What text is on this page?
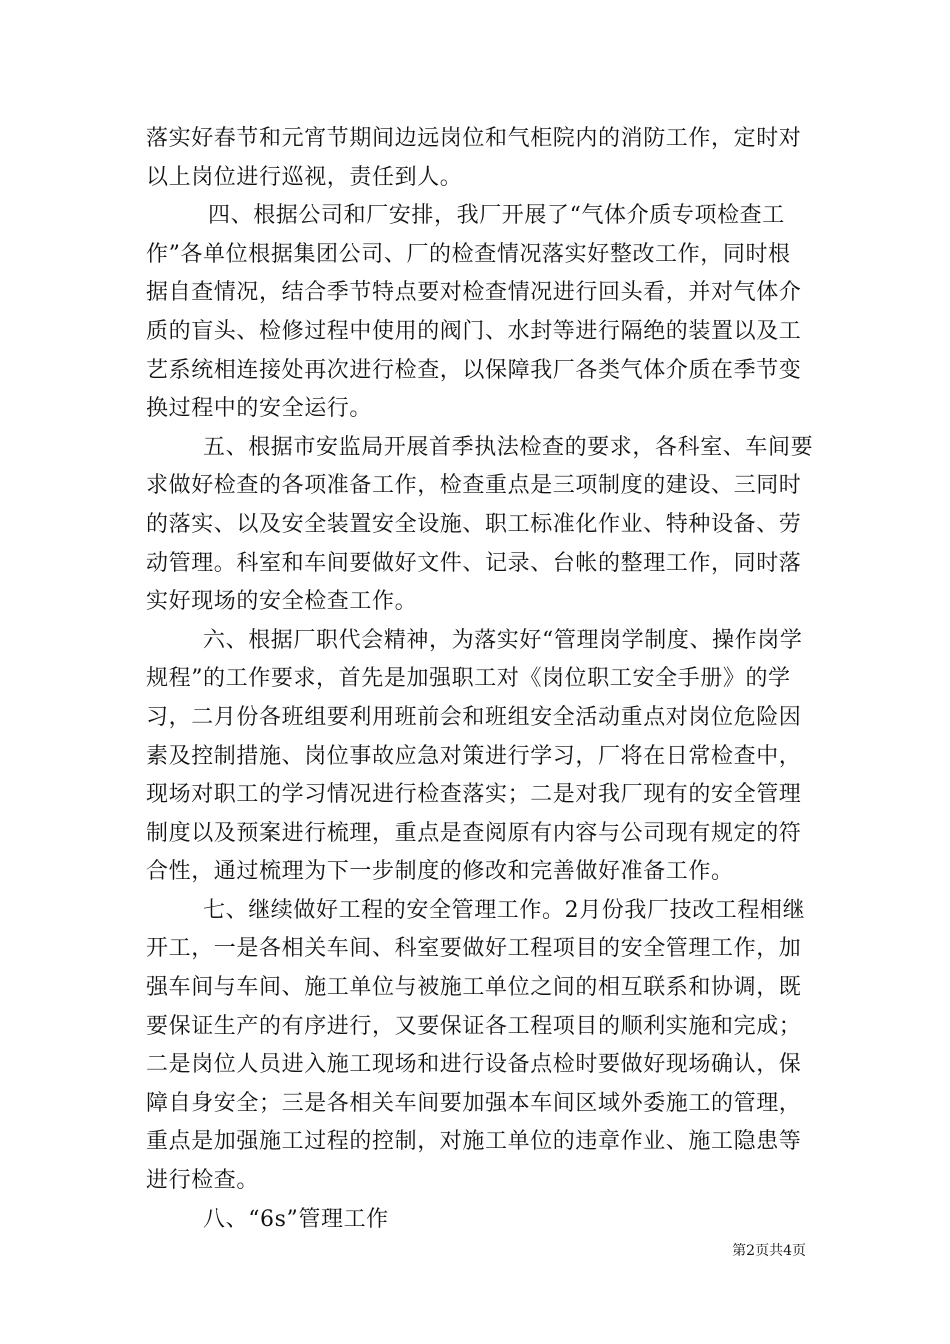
落实好春节和元宵节期间边远岗位和气柜院内的消防工作，定时对
以上岗位进行巡视，责任到人。
四、根据公司和厂安排，我厂开展了“气体介质专项检查工
作”各单位根据集团公司、厂的检查情况落实好整改工作，同时根
据自查情况，结合季节特点要对检查情况进行回头看，并对气体介
质的盲头、检修过程中使用的阀门、水封等进行隔绝的装置以及工
艺系统相连接处再次进行检查，以保障我厂各类气体介质在季节变
换过程中的安全运行。
五、根据市安监局开展首季执法检查的要求，各科室、车间要
求做好检查的各项准备工作，检查重点是三项制度的建设、三同时
的落实、以及安全装置安全设施、职工标准化作业、特种设备、劳
动管理。科室和车间要做好文件、记录、台帐的整理工作，同时落
实好现场的安全检查工作。
六、根据厂职代会精神，为落实好“管理岗学制度、操作岗学
规程”的工作要求，首先是加强职工对《岗位职工安全手册》的学
习，二月份各班组要利用班前会和班组安全活动重点对岗位危险因
素及控制措施、岗位事故应急对策进行学习，厂将在日常检查中，
现场对职工的学习情况进行检查落实；二是对我厂现有的安全管理
制度以及预案进行梳理，重点是查阅原有内容与公司现有规定的符
合性，通过梳理为下一步制度的修改和完善做好准备工作。
七、继续做好工程的安全管理工作。2月份我厂技改工程相继
开工，一是各相关车间、科室要做好工程项目的安全管理工作，加
强车间与车间、施工单位与被施工单位之间的相互联系和协调，既
要保证生产的有序进行，又要保证各工程项目的顺利实施和完成；
二是岗位人员进入施工现场和进行设备点检时要做好现场确认，保
障自身安全；三是各相关车间要加强本车间区域外委施工的管理，
重点是加强施工过程的控制，对施工单位的违章作业、施工隐患等
进行检查。
八、“6s”管理工作
第2页共4页
